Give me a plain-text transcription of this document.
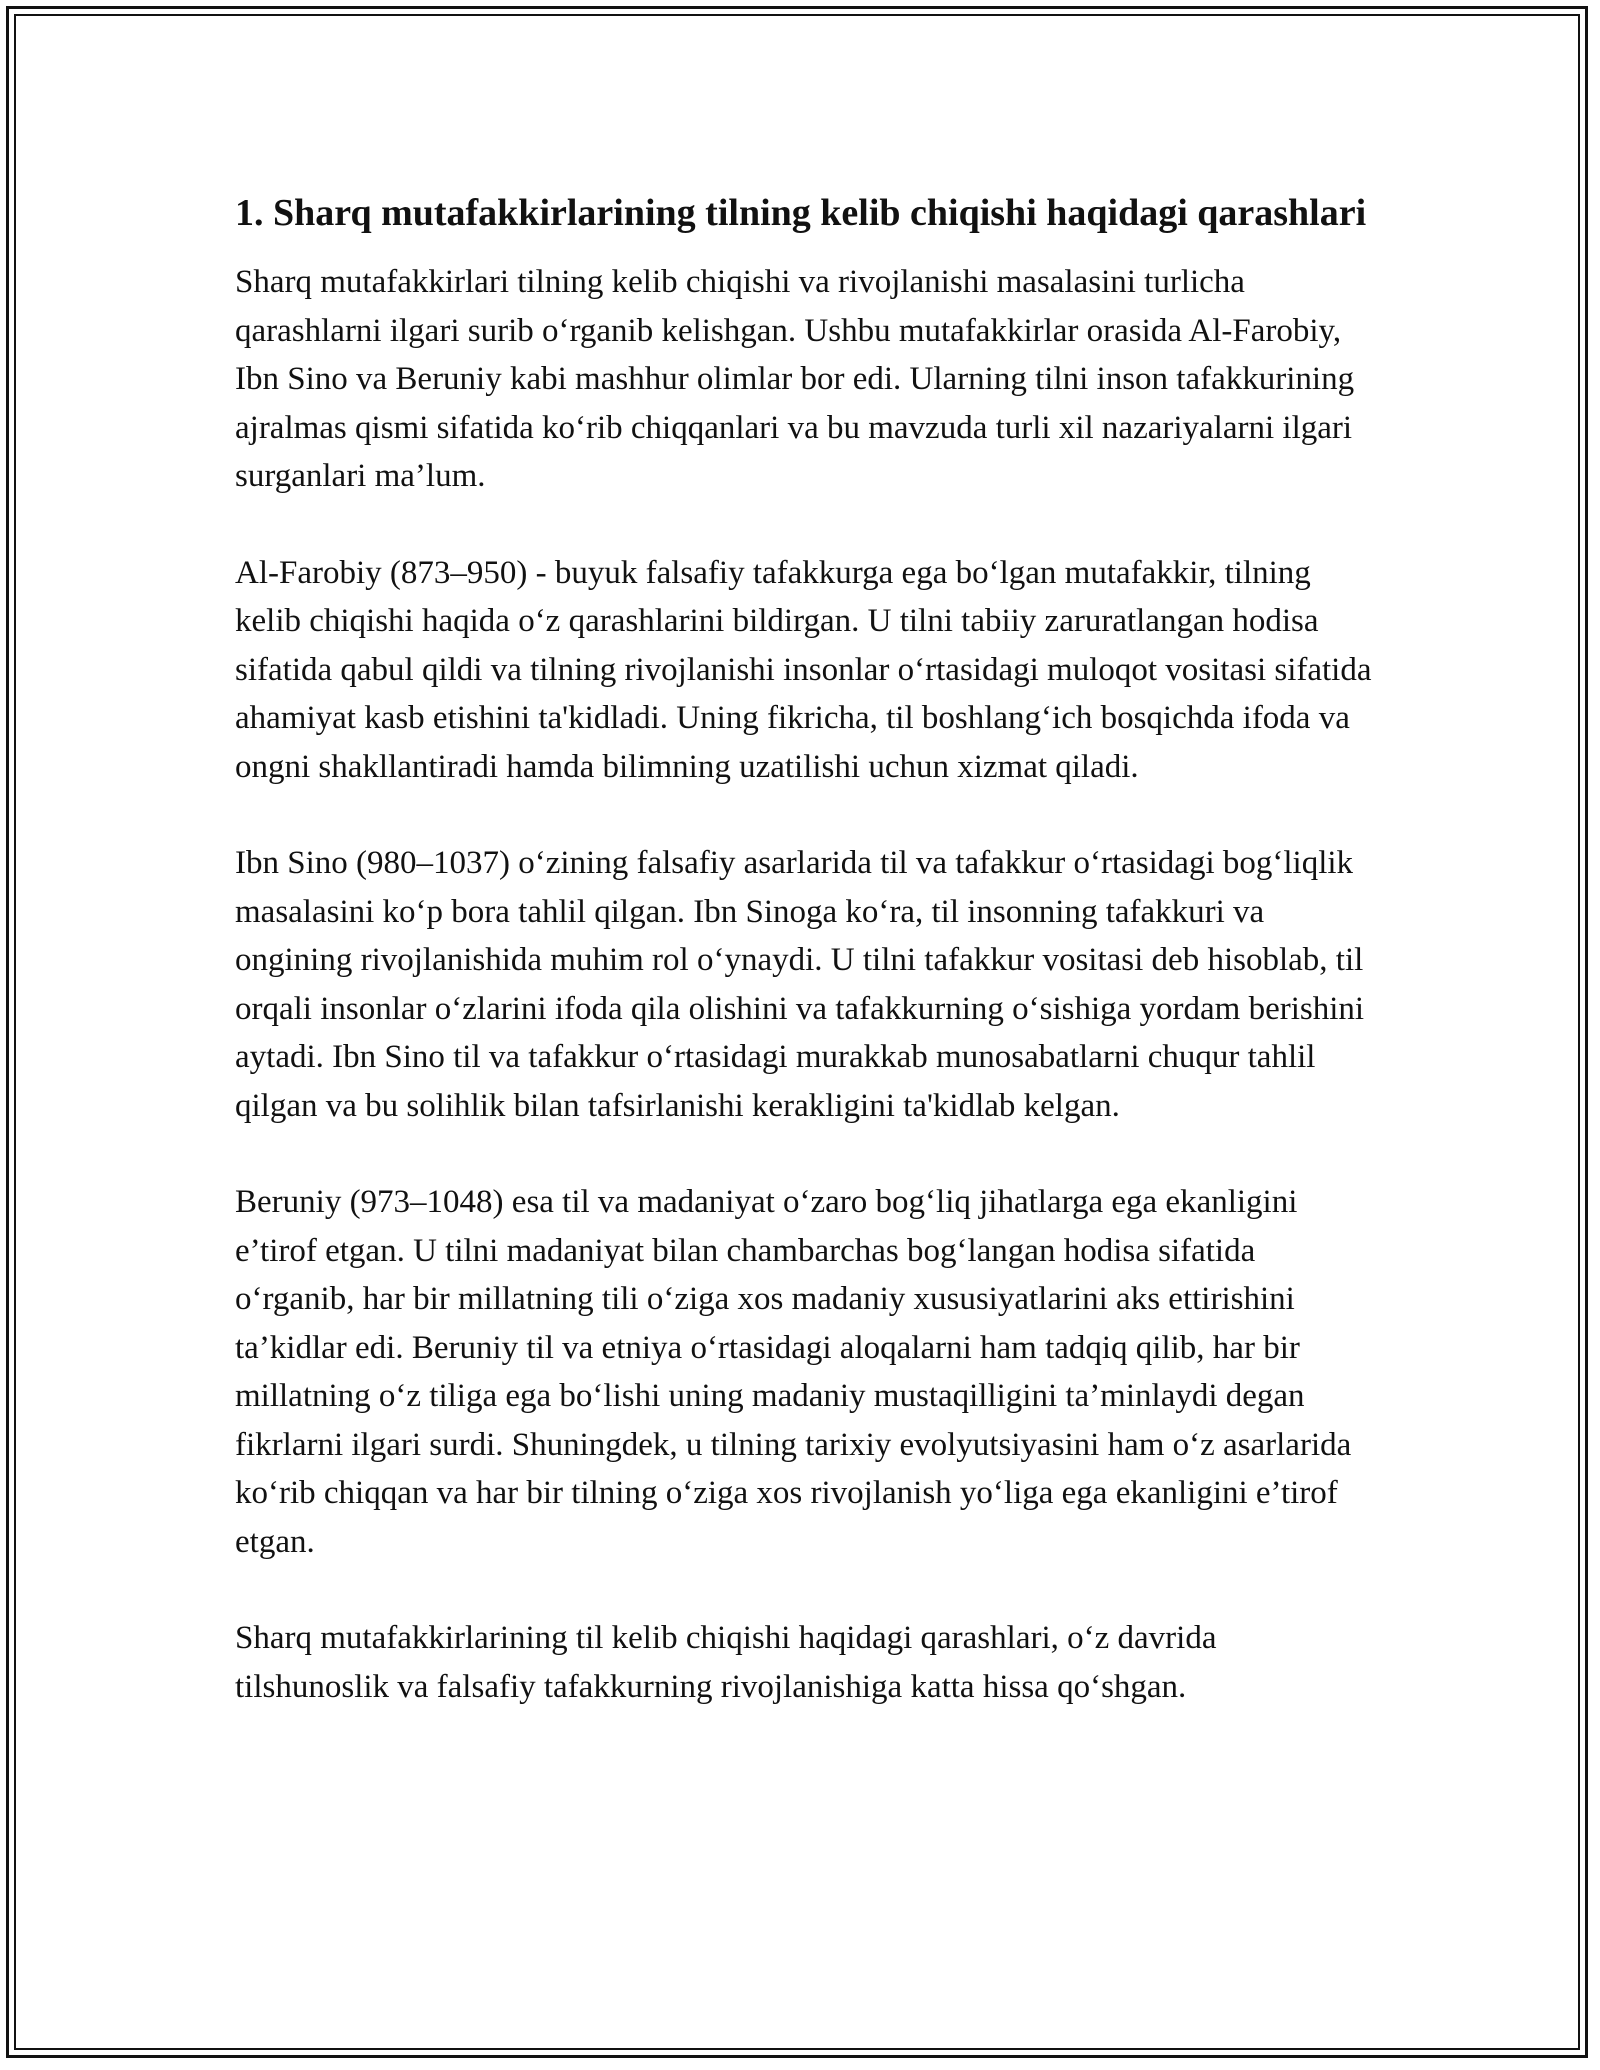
1. Sharq mutafakkirlarining tilning kelib chiqishi haqidagi qarashlari

Sharq mutafakkirlari tilning kelib chiqishi va rivojlanishi masalasini turlicha qarashlarni ilgari surib o‘rganib kelishgan. Ushbu mutafakkirlar orasida Al-Farobiy, Ibn Sino va Beruniy kabi mashhur olimlar bor edi. Ularning tilni inson tafakkurining ajralmas qismi sifatida ko‘rib chiqqanlari va bu mavzuda turli xil nazariyalarni ilgari surganlari ma’lum.

Al-Farobiy (873–950) - buyuk falsafiy tafakkurga ega bo‘lgan mutafakkir, tilning kelib chiqishi haqida o‘z qarashlarini bildirgan. U tilni tabiiy zaruratlangan hodisa sifatida qabul qildi va tilning rivojlanishi insonlar o‘rtasidagi muloqot vositasi sifatida ahamiyat kasb etishini ta'kidladi. Uning fikricha, til boshlang‘ich bosqichda ifoda va ongni shakllantiradi hamda bilimning uzatilishi uchun xizmat qiladi.

Ibn Sino (980–1037) o‘zining falsafiy asarlarida til va tafakkur o‘rtasidagi bog‘liqlik masalasini ko‘p bora tahlil qilgan. Ibn Sinoga ko‘ra, til insonning tafakkuri va ongining rivojlanishida muhim rol o‘ynaydi. U tilni tafakkur vositasi deb hisoblab, til orqali insonlar o‘zlarini ifoda qila olishini va tafakkurning o‘sishiga yordam berishini aytadi. Ibn Sino til va tafakkur o‘rtasidagi murakkab munosabatlarni chuqur tahlil qilgan va bu solihlik bilan tafsirlanishi kerakligini ta'kidlab kelgan.

Beruniy (973–1048) esa til va madaniyat o‘zaro bog‘liq jihatlarga ega ekanligini e’tirof etgan. U tilni madaniyat bilan chambarchas bog‘langan hodisa sifatida o‘rganib, har bir millatning tili o‘ziga xos madaniy xususiyatlarini aks ettirishini ta’kidlar edi. Beruniy til va etniya o‘rtasidagi aloqalarni ham tadqiq qilib, har bir millatning o‘z tiliga ega bo‘lishi uning madaniy mustaqilligini ta’minlaydi degan fikrlarni ilgari surdi. Shuningdek, u tilning tarixiy evolyutsiyasini ham o‘z asarlarida ko‘rib chiqqan va har bir tilning o‘ziga xos rivojlanish yo‘liga ega ekanligini e’tirof etgan.

Sharq mutafakkirlarining til kelib chiqishi haqidagi qarashlari, o‘z davrida tilshunoslik va falsafiy tafakkurning rivojlanishiga katta hissa qo‘shgan.
